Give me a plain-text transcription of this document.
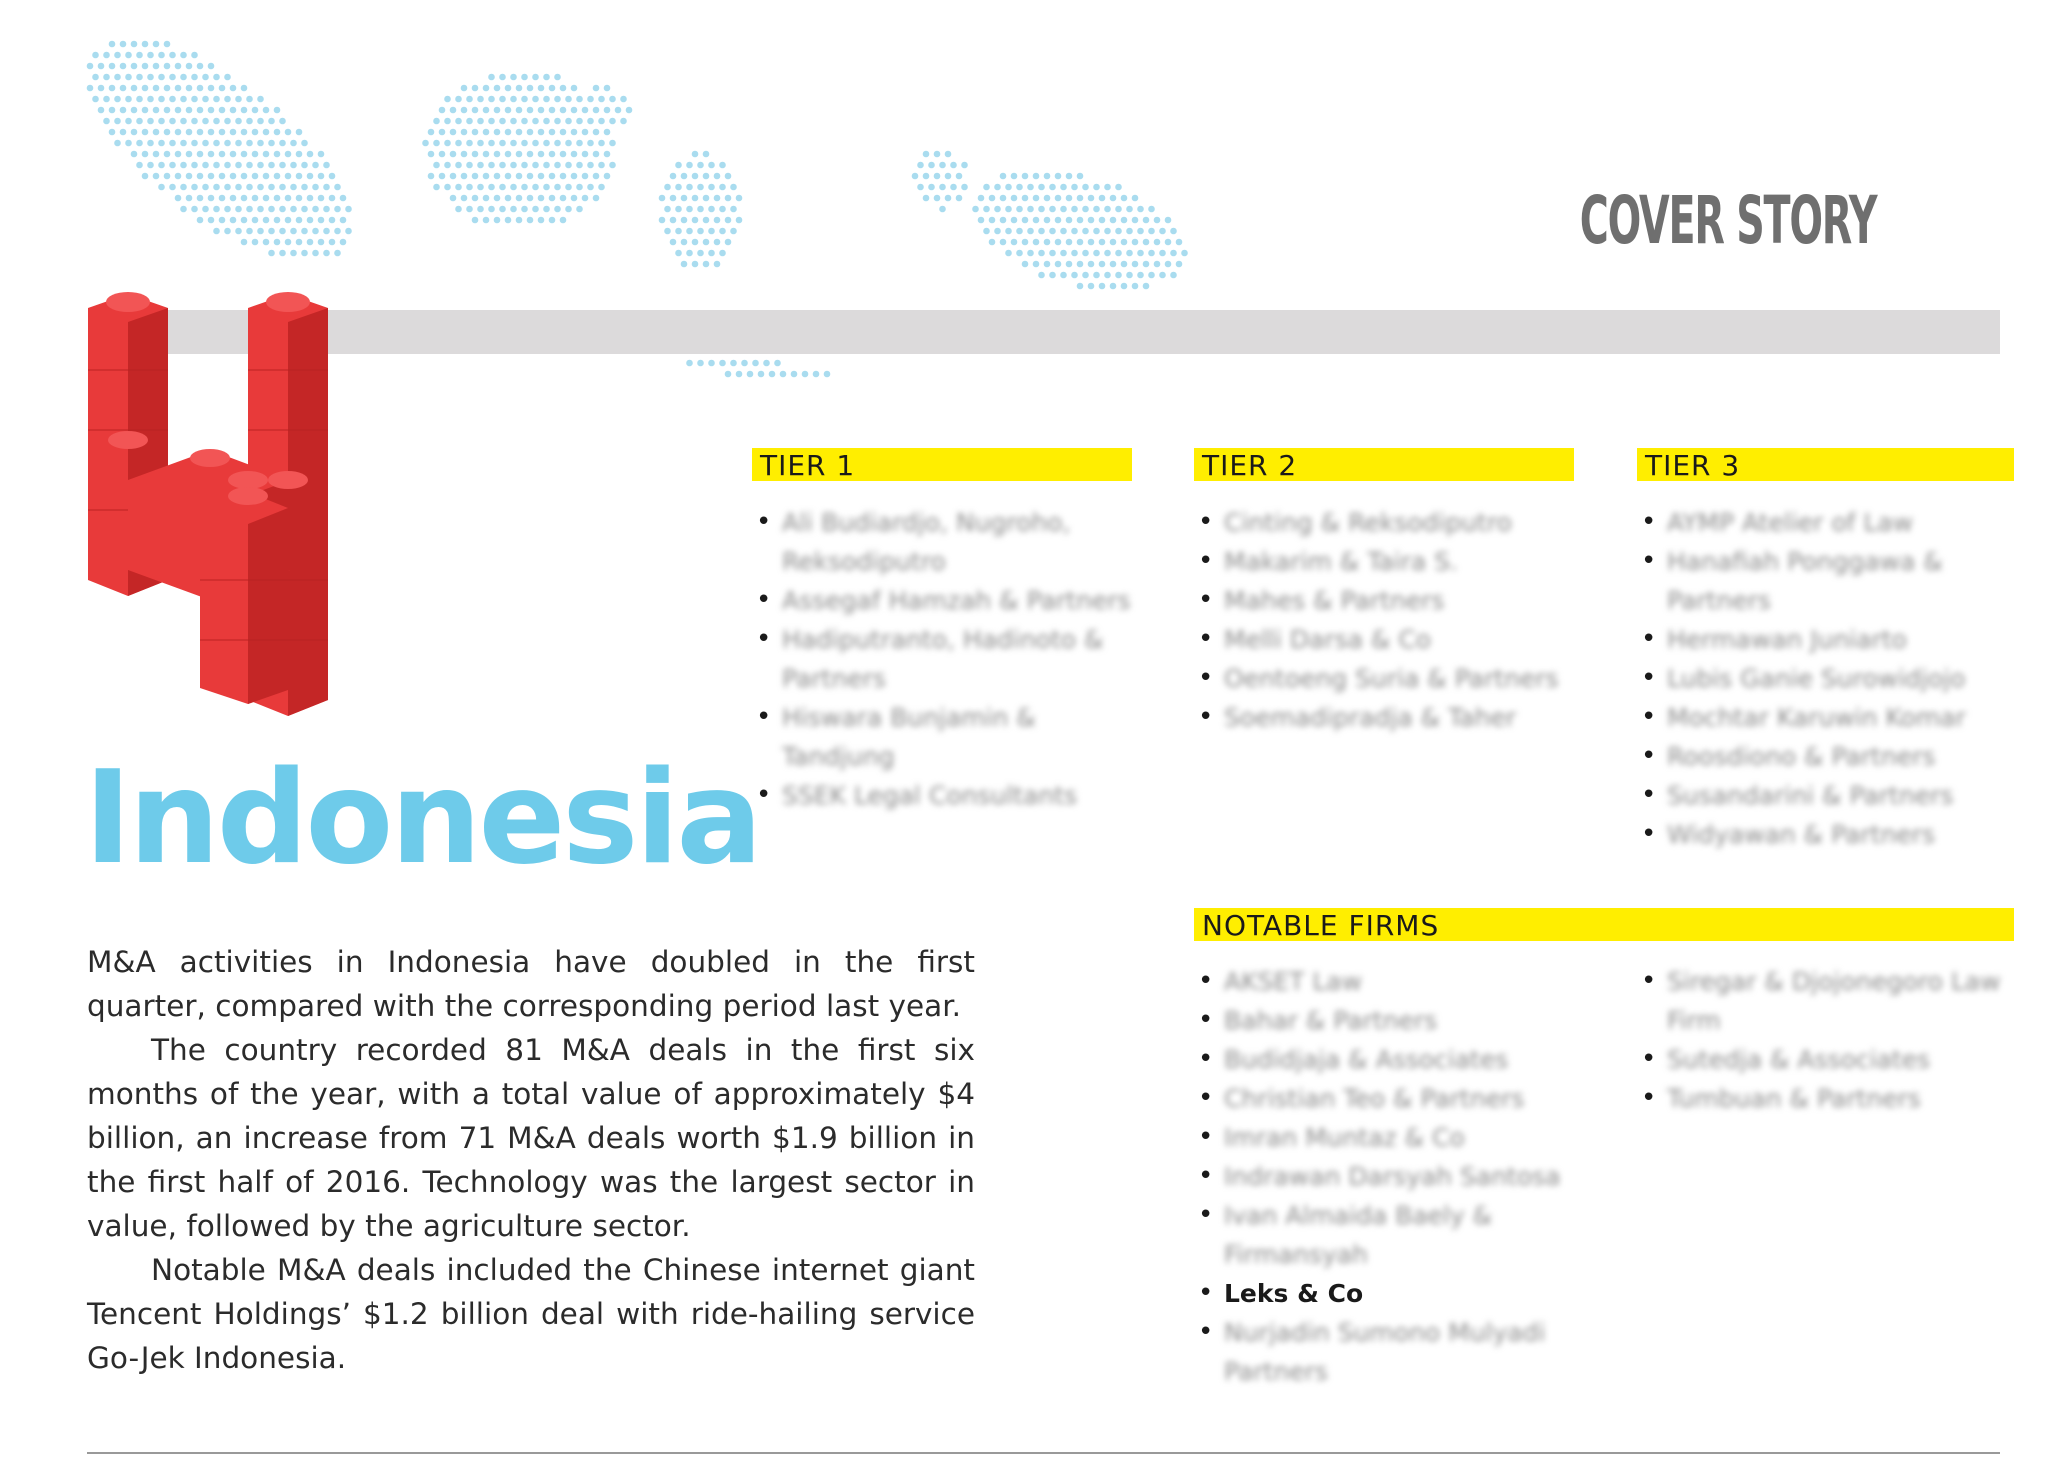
COVER STORY
Indonesia

M&A activities in Indonesia have doubled in the first quarter, compared with the corresponding period last year.

The country recorded 81 M&A deals in the first six months of the year, with a total value of approximately $4 billion, an increase from 71 M&A deals worth $1.9 billion in the first half of 2016. Technology was the largest sector in value, followed by the agriculture sector.

Notable M&A deals included the Chinese internet giant Tencent Holdings’ $1.2 billion deal with ride-hailing service Go-Jek Indonesia.

TIER 1	TIER 2	TIER 3
NOTABLE FIRMS
• Ali Budiardjo, Nugroho, Reksodiputro
• Assegaf Hamzah & Partners
• Hadiputranto, Hadinoto & Partners
• Hiswara Bunjamin & Tandjung
• SSEK Legal Consultants
• Cinting & Reksodiputro
• Makarim & Taira S.
• Mahes & Partners
• Melli Darsa & Co
• Oentoeng Suria & Partners
• Soemadipradja & Taher
• AYMP Atelier of Law
• Hanafiah Ponggawa & Partners
• Hermawan Juniarto
• Lubis Ganie Surowidjojo
• Mochtar Karuwin Komar
• Roosdiono & Partners
• Susandarini & Partners
• Widyawan & Partners
• AKSET Law
• Bahar & Partners
• Budidjaja & Associates
• Christian Teo & Partners
• Imran Muntaz & Co
• Indrawan Darsyah Santosa
• Ivan Almaida Baely & Firmansyah
• Leks & Co
• Nurjadin Sumono Mulyadi Partners
• Siregar & Djojonegoro Law Firm
• Sutedja & Associates
• Tumbuan & Partners
